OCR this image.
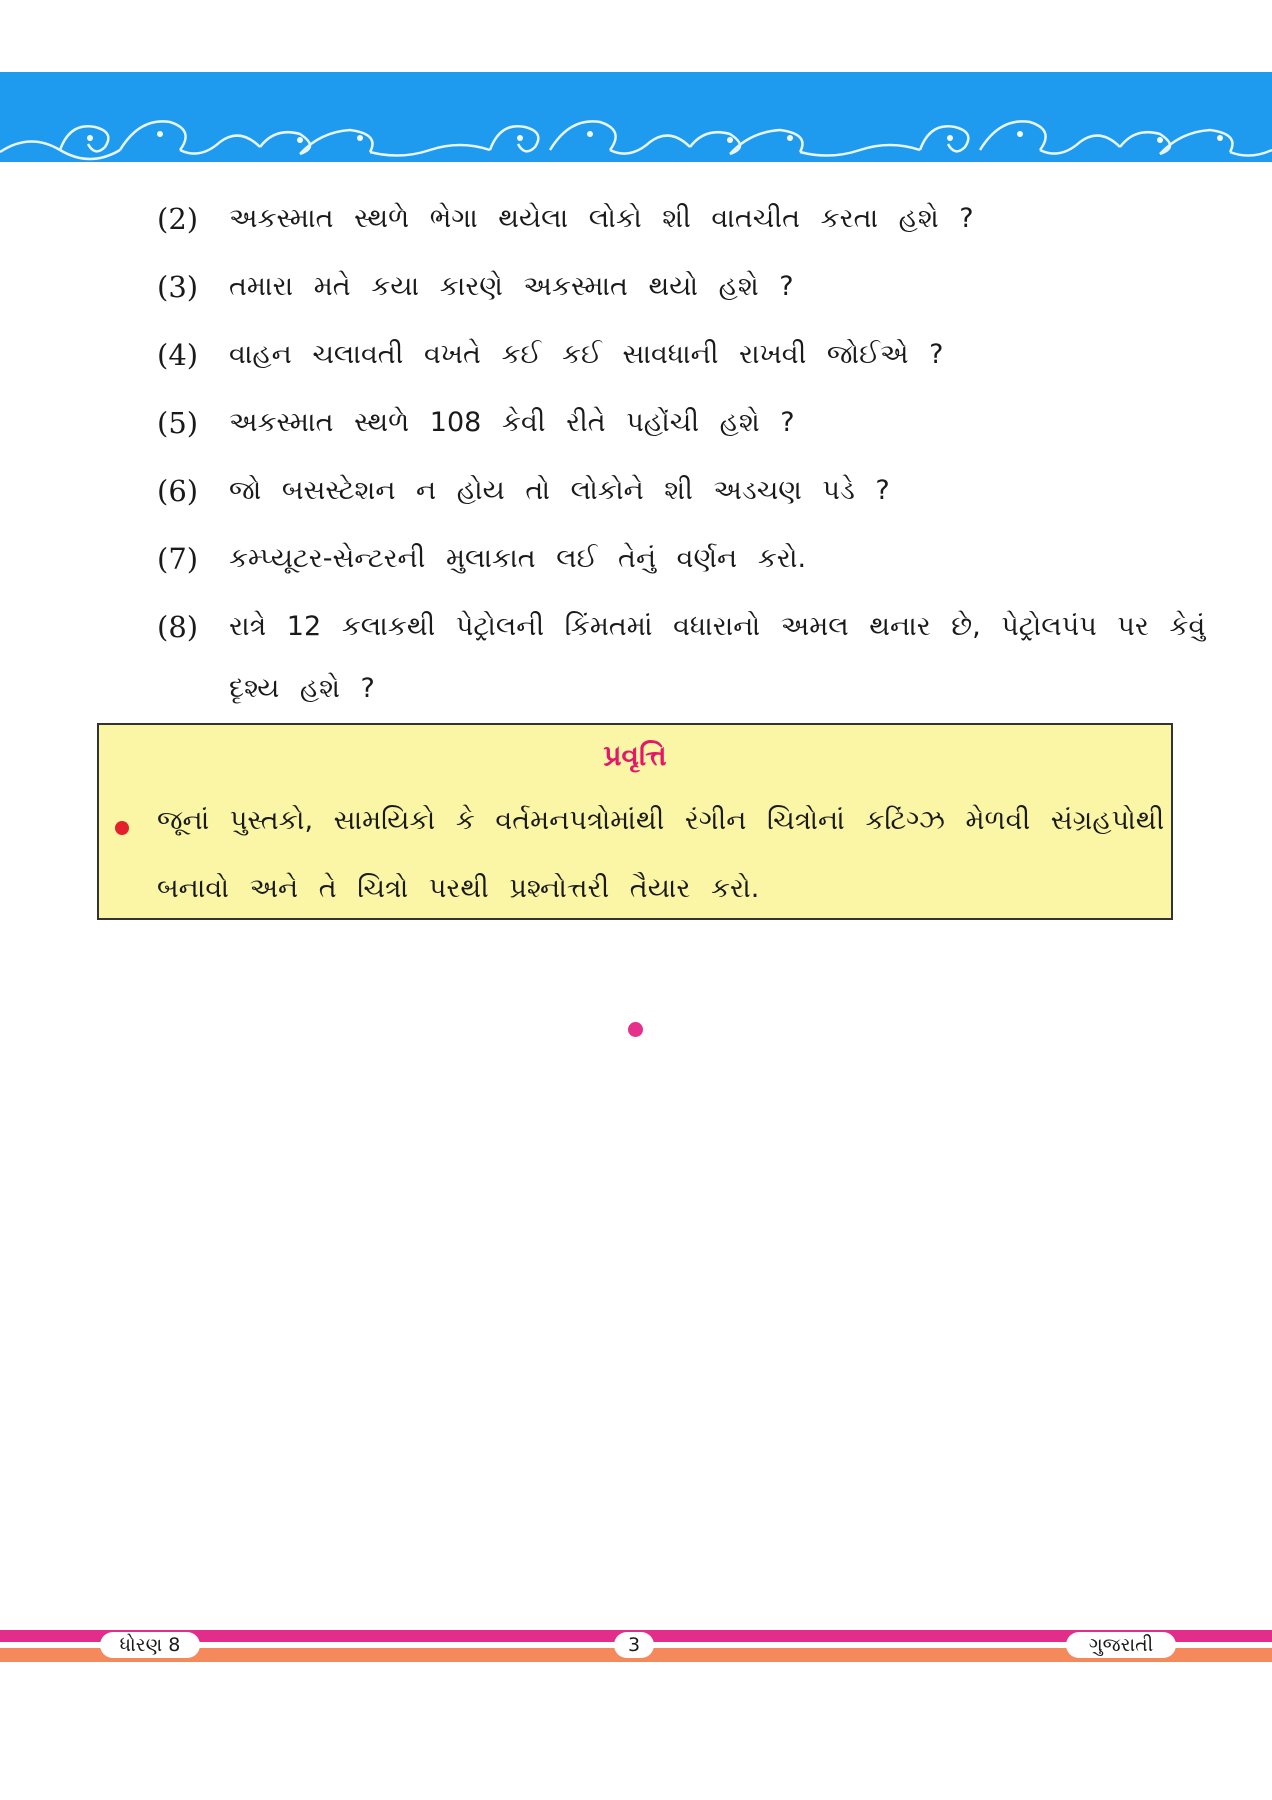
(2)	અકસ્માત સ્થળે ભેગા થયેલા લોકો શી વાતચીત કરતા હશે ?
(3)	તમારા મતે કયા કારણે અકસ્માત થયો હશે ?
(4)	વાહન ચલાવતી વખતે કઈ કઈ સાવધાની રાખવી જોઈએ ?
(5)	અકસ્માત સ્થળે 108 કેવી રીતે પહોંચી હશે ?
(6)	જો બસસ્ટેશન ન હોય તો લોકોને શી અડચણ પડે ?
(7)	કમ્પ્યૂટર-સેન્ટરની મુલાકાત લઈ તેનું વર્ણન કરો.
(8)	રાત્રે 12 કલાકથી પેટ્રોલની કિંમતમાં વધારાનો અમલ થનાર છે, પેટ્રોલપંપ પર કેવું
દૃશ્ય હશે ?
પ્રવૃત્તિ
જૂનાં પુસ્તકો, સામયિકો કે વર્તમનપત્રોમાંથી રંગીન ચિત્રોનાં કટિંગ્ઝ મેળવી સંગ્રહપોથી
બનાવો અને તે ચિત્રો પરથી પ્રશ્નોત્તરી તૈયાર કરો.
ધોરણ 8	3	ગુજરાતી
